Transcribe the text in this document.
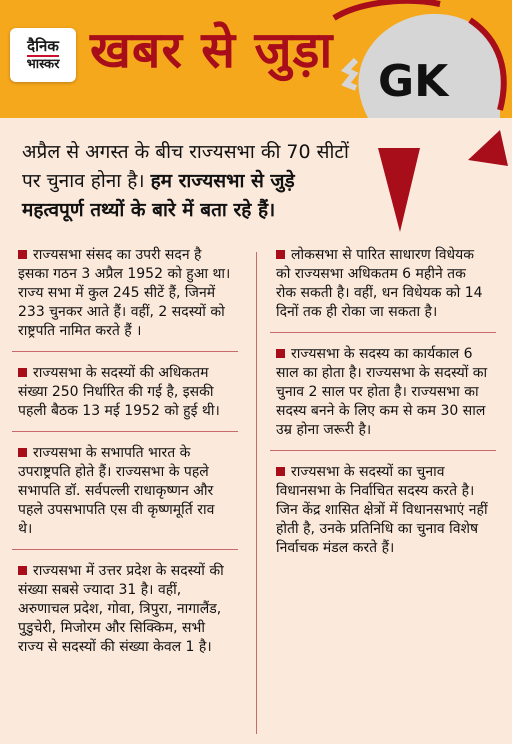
दैनिक
भास्कर खबर से जुड़ा
GK
अप्रैल से अगस्त के बीच राज्यसभा की 70 सीटों पर चुनाव होना है। हम राज्यसभा से जुड़े महत्वपूर्ण तथ्यों के बारे में बता रहे हैं।
राज्यसभा संसद का उपरी सदन है इसका गठन 3 अप्रैल 1952 को हुआ था। राज्य सभा में कुल 245 सीटें हैं, जिनमें 233 चुनकर आते हैं। वहीं, 2 सदस्यों को राष्ट्रपति नामित करते हैं ।
राज्यसभा के सदस्यों की अधिकतम संख्या 250 निर्धारित की गई है, इसकी पहली बैठक 13 मई 1952 को हुई थी।
राज्यसभा के सभापति भारत के उपराष्ट्रपति होते हैं। राज्यसभा के पहले सभापति डॉ. सर्वपल्ली राधाकृष्णन और पहले उपसभापति एस वी कृष्णमूर्ति राव थे।
राज्यसभा में उत्तर प्रदेश के सदस्यों की संख्या सबसे ज्यादा 31 है। वहीं, अरुणाचल प्रदेश, गोवा, त्रिपुरा, नागालैंड, पुडुचेरी, मिजोरम और सिक्किम, सभी राज्य से सदस्यों की संख्या केवल 1 है।
लोकसभा से पारित साधारण विधेयक को राज्यसभा अधिकतम 6 महीने तक रोक सकती है। वहीं, धन विधेयक को 14 दिनों तक ही रोका जा सकता है।
राज्यसभा के सदस्य का कार्यकाल 6 साल का होता है। राज्यसभा के सदस्यों का चुनाव 2 साल पर होता है। राज्यसभा का सदस्य बनने के लिए कम से कम 30 साल उम्र होना जरूरी है।
राज्यसभा के सदस्यों का चुनाव विधानसभा के निर्वाचित सदस्य करते है। जिन केंद्र शासित क्षेत्रों में विधानसभाएं नहीं होती है, उनके प्रतिनिधि का चुनाव विशेष निर्वाचक मंडल करते हैं।
